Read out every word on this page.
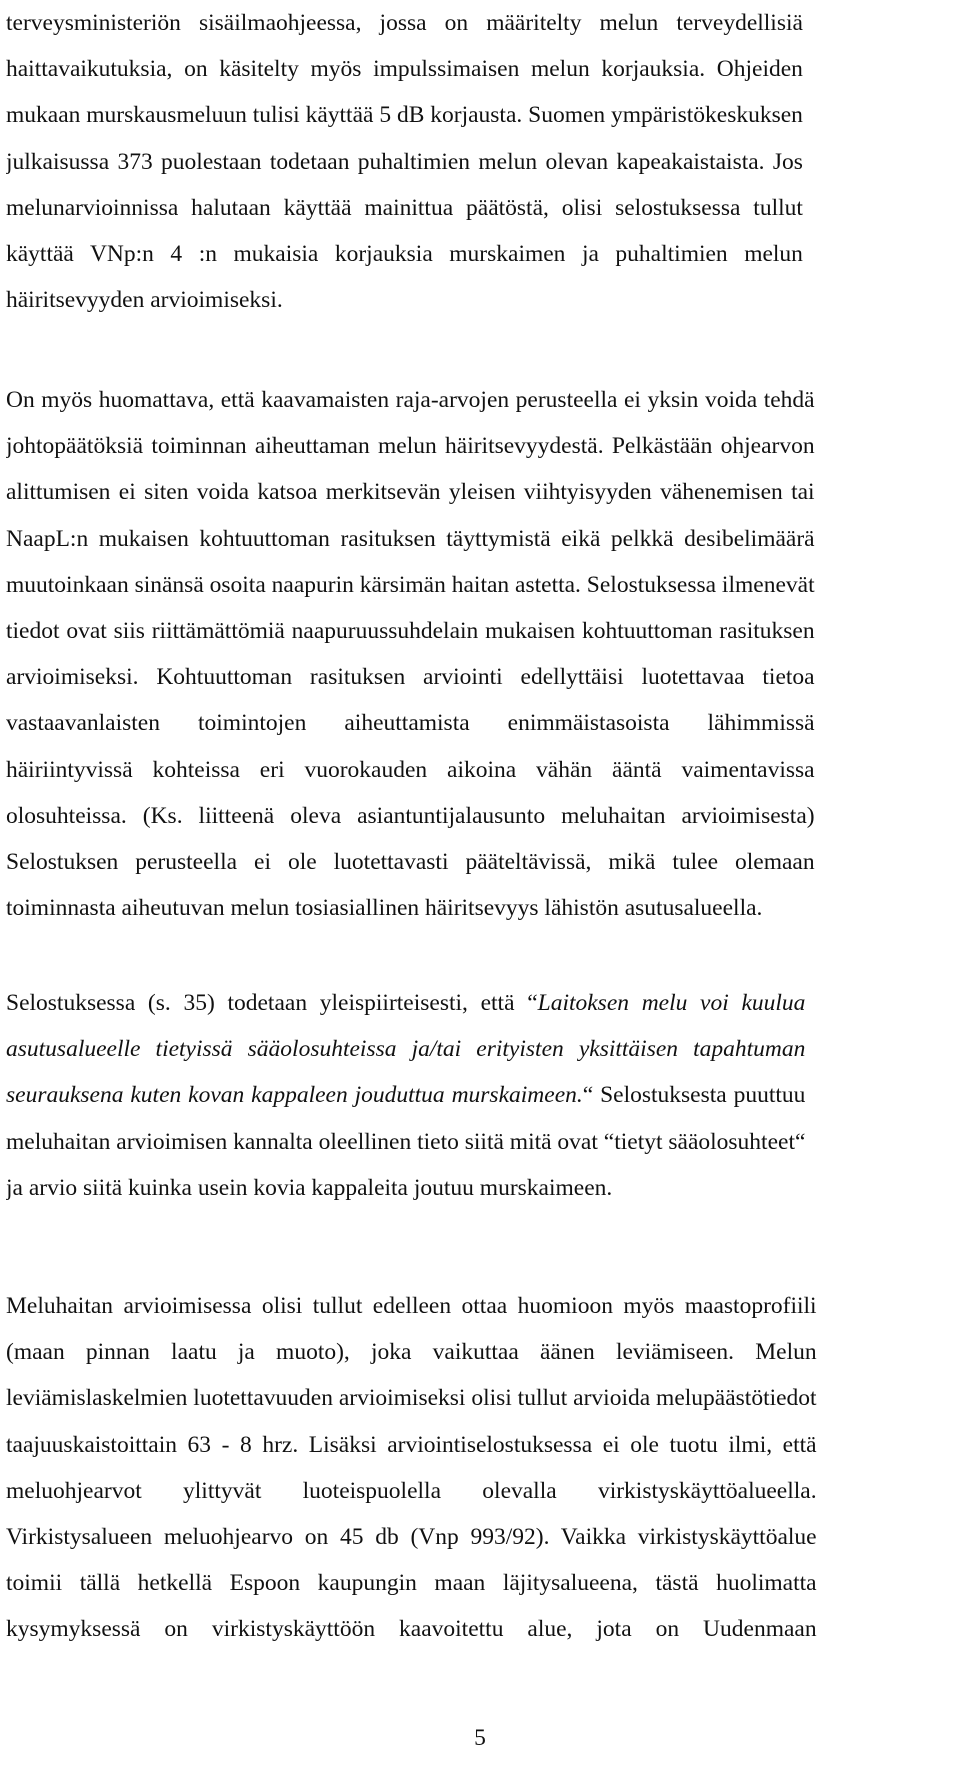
terveysministeriön sisäilmaohjeessa, jossa on määritelty melun terveydellisiä
haittavaikutuksia, on käsitelty myös impulssimaisen melun korjauksia. Ohjeiden
mukaan murskausmeluun tulisi käyttää 5 dB korjausta. Suomen ympäristökeskuksen
julkaisussa 373 puolestaan todetaan puhaltimien melun olevan kapeakaistaista. Jos
melunarvioinnissa halutaan käyttää mainittua päätöstä, olisi selostuksessa tullut
käyttää VNp:n 4 :n mukaisia korjauksia murskaimen ja puhaltimien melun
häiritsevyyden arvioimiseksi.
On myös huomattava, että kaavamaisten raja-arvojen perusteella ei yksin voida tehdä
johtopäätöksiä toiminnan aiheuttaman melun häiritsevyydestä. Pelkästään ohjearvon
alittumisen ei siten voida katsoa merkitsevän yleisen viihtyisyyden vähenemisen tai
NaapL:n mukaisen kohtuuttoman rasituksen täyttymistä eikä pelkkä desibelimäärä
muutoinkaan sinänsä osoita naapurin kärsimän haitan astetta. Selostuksessa ilmenevät
tiedot ovat siis riittämättömiä naapuruussuhdelain mukaisen kohtuuttoman rasituksen
arvioimiseksi. Kohtuuttoman rasituksen arviointi edellyttäisi luotettavaa tietoa
vastaavanlaisten toimintojen aiheuttamista enimmäistasoista lähimmissä
häiriintyvissä kohteissa eri vuorokauden aikoina vähän ääntä vaimentavissa
olosuhteissa. (Ks. liitteenä oleva asiantuntijalausunto meluhaitan arvioimisesta)
Selostuksen perusteella ei ole luotettavasti pääteltävissä, mikä tulee olemaan
toiminnasta aiheutuvan melun tosiasiallinen häiritsevyys lähistön asutusalueella.
Selostuksessa (s. 35) todetaan yleispiirteisesti, että “Laitoksen melu voi kuulua
asutusalueelle tietyissä sääolosuhteissa ja/tai erityisten yksittäisen tapahtuman
seurauksena kuten kovan kappaleen jouduttua murskaimeen.“ Selostuksesta puuttuu
meluhaitan arvioimisen kannalta oleellinen tieto siitä mitä ovat “tietyt sääolosuhteet“
ja arvio siitä kuinka usein kovia kappaleita joutuu murskaimeen.
Meluhaitan arvioimisessa olisi tullut edelleen ottaa huomioon myös maastoprofiili
(maan pinnan laatu ja muoto), joka vaikuttaa äänen leviämiseen. Melun
leviämislaskelmien luotettavuuden arvioimiseksi olisi tullut arvioida melupäästötiedot
taajuuskaistoittain 63 - 8 hrz. Lisäksi arviointiselostuksessa ei ole tuotu ilmi, että
meluohjearvot ylittyvät luoteispuolella olevalla virkistyskäyttöalueella.
Virkistysalueen meluohjearvo on 45 db (Vnp 993/92). Vaikka virkistyskäyttöalue
toimii tällä hetkellä Espoon kaupungin maan läjitysalueena, tästä huolimatta
kysymyksessä on virkistyskäyttöön kaavoitettu alue, jota on Uudenmaan
5
